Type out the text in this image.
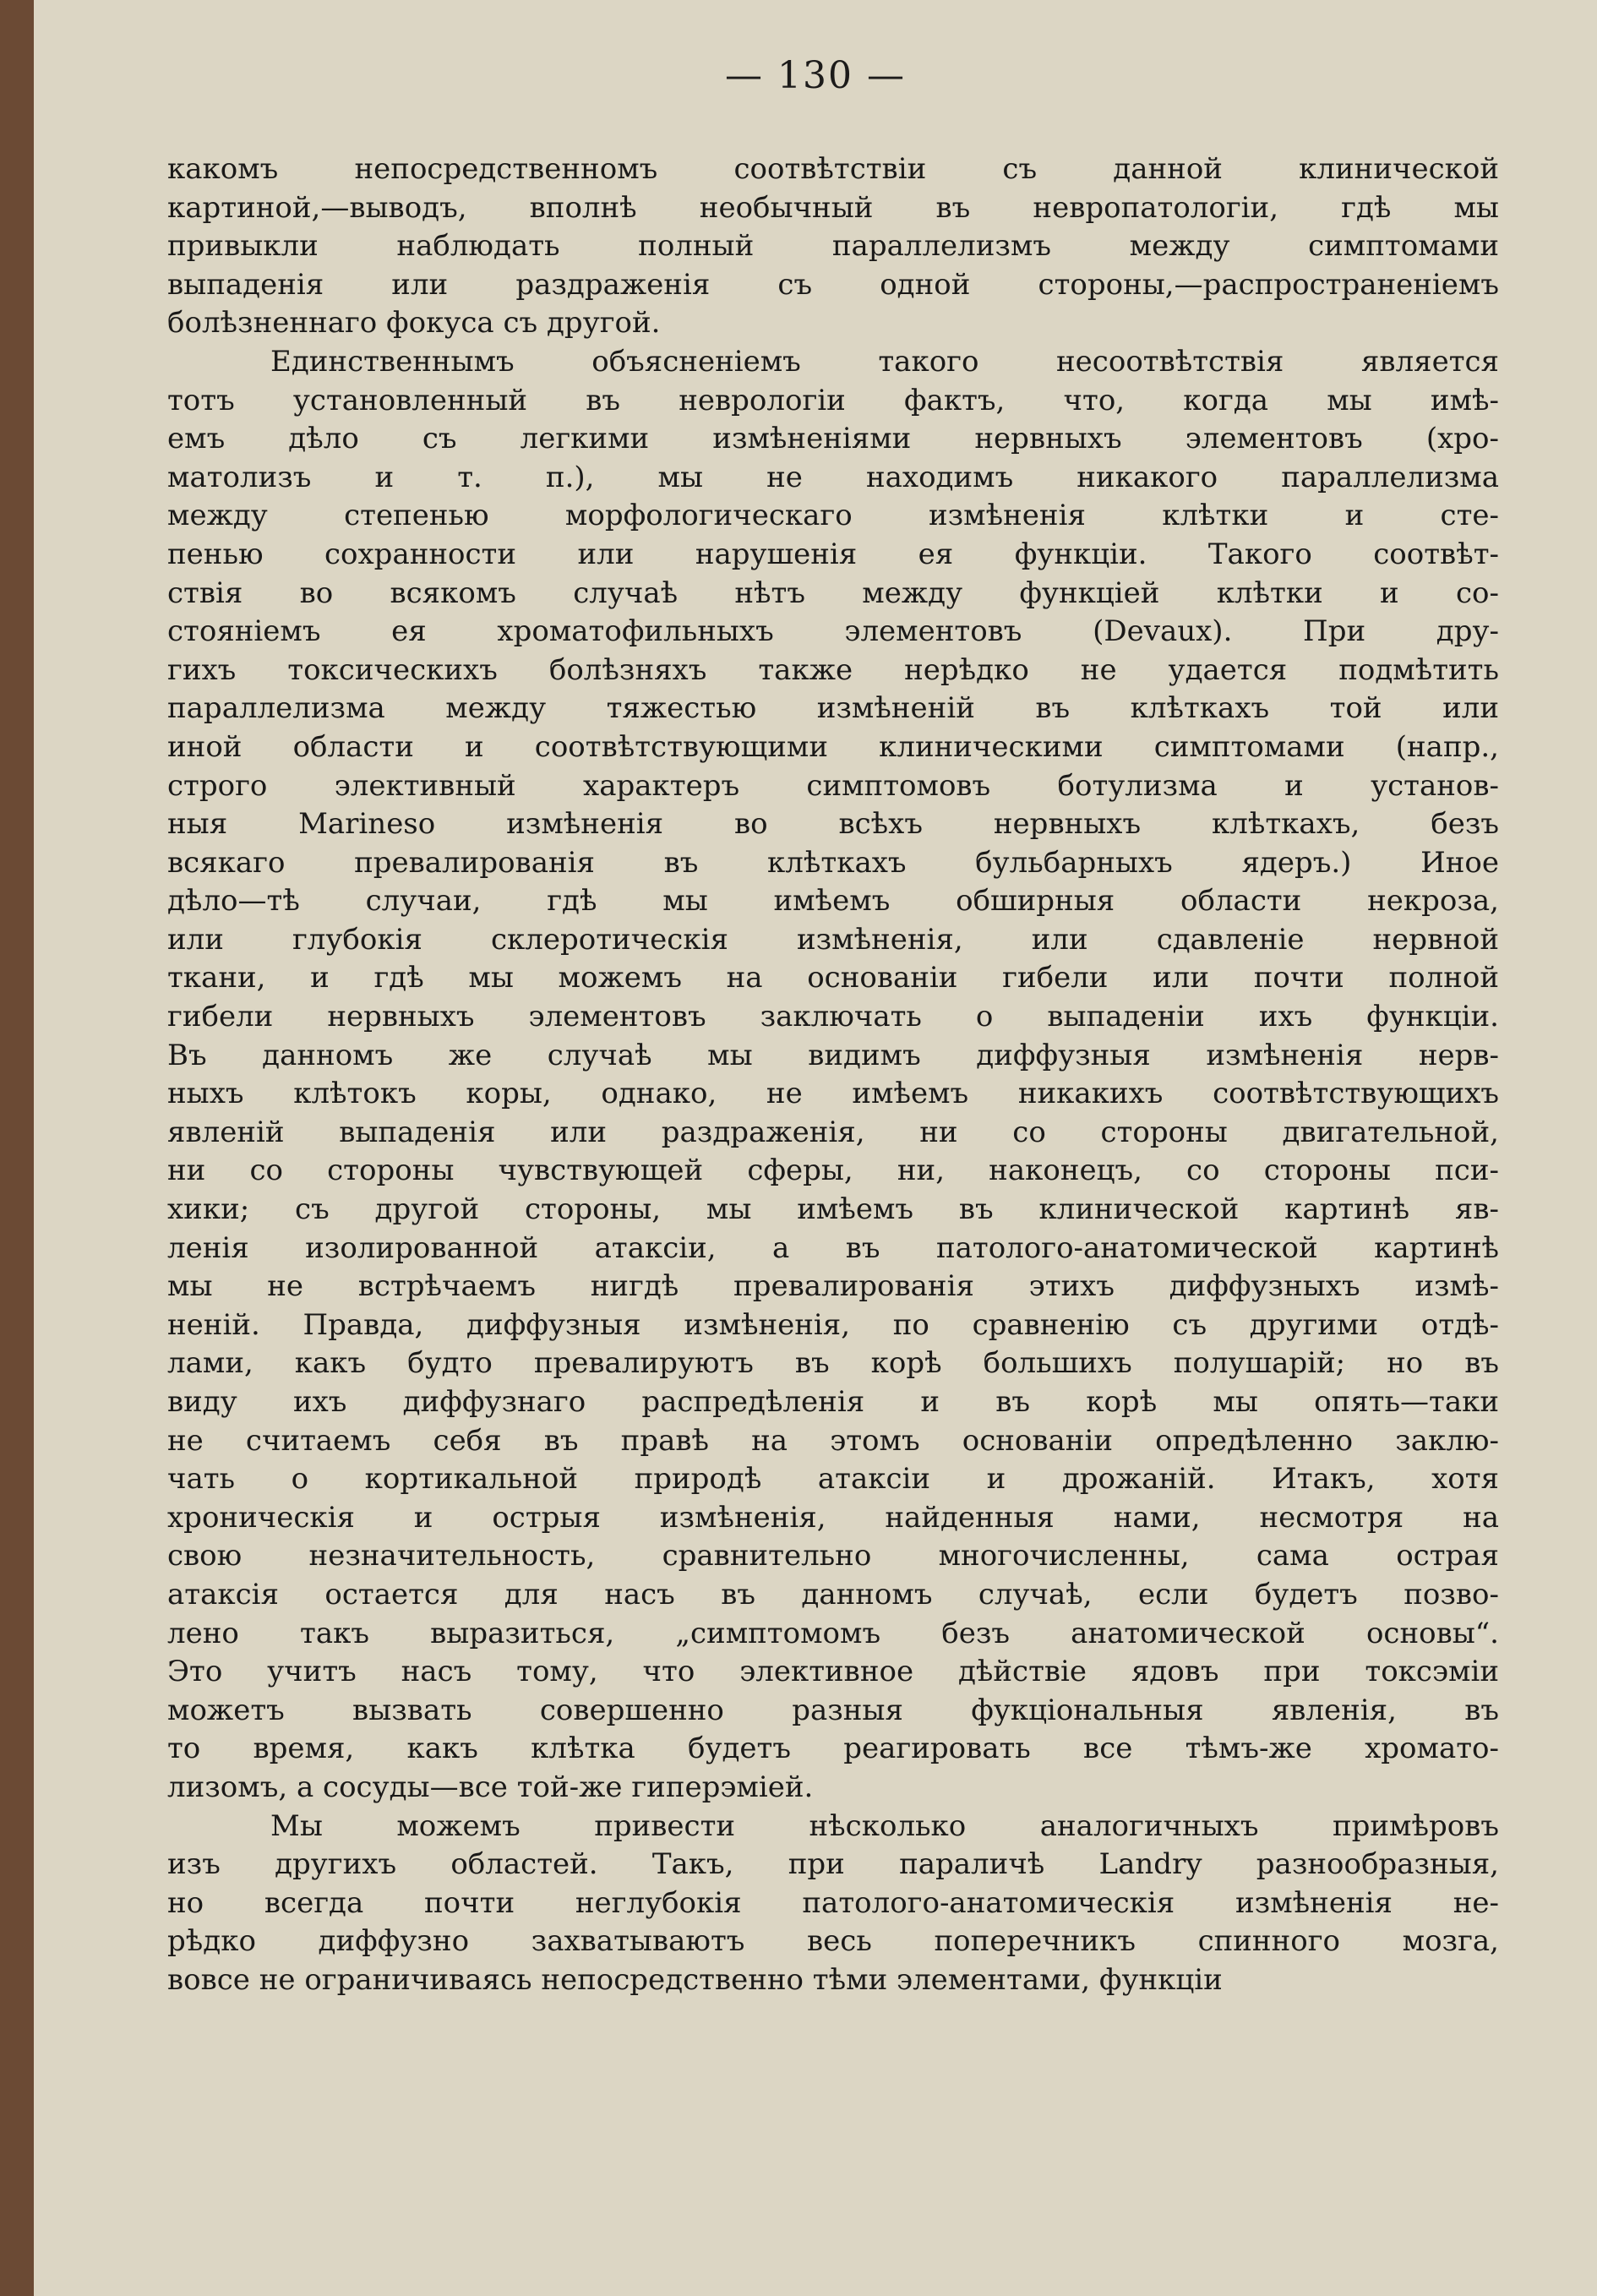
— 130 —
какомъ непосредственномъ соотвѣтствіи съ данной клинической
картиной,—выводъ, вполнѣ необычный въ невропатологіи, гдѣ мы
привыкли наблюдать полный параллелизмъ между симптомами
выпаденія или раздраженія съ одной стороны,—распространеніемъ
болѣзненнаго фокуса съ другой.
Единственнымъ объясненіемъ такого несоотвѣтствія является
тотъ установленный въ неврологіи фактъ, что, когда мы имѣ-
емъ дѣло съ легкими измѣненіями нервныхъ элементовъ (хро-
матолизъ и т. п.), мы не находимъ никакого параллелизма
между степенью морфологическаго измѣненія клѣтки и сте-
пенью сохранности или нарушенія ея функціи. Такого соотвѣт-
ствія во всякомъ случаѣ нѣтъ между функціей клѣтки и со-
стояніемъ ея хроматофильныхъ элементовъ (Devaux). При дру-
гихъ токсическихъ болѣзняхъ также нерѣдко не удается подмѣтить
параллелизма между тяжестью измѣненій въ клѣткахъ той или
иной области и соотвѣтствующими клиническими симптомами (напр.,
строго элективный характеръ симптомовъ ботулизма и установ-
ныя Marineso измѣненія во всѣхъ нервныхъ клѣткахъ, безъ
всякаго превалированія въ клѣткахъ бульбарныхъ ядеръ.) Иное
дѣло—тѣ случаи, гдѣ мы имѣемъ обширныя области некроза,
или глубокія склеротическія измѣненія, или сдавленіе нервной
ткани, и гдѣ мы можемъ на основаніи гибели или почти полной
гибели нервныхъ элементовъ заключать о выпаденіи ихъ функціи.
Въ данномъ же случаѣ мы видимъ диффузныя измѣненія нерв-
ныхъ клѣтокъ коры, однако, не имѣемъ никакихъ соотвѣтствующихъ
явленій выпаденія или раздраженія, ни со стороны двигательной,
ни со стороны чувствующей сферы, ни, наконецъ, со стороны пси-
хики; съ другой стороны, мы имѣемъ въ клинической картинѣ яв-
ленія изолированной атаксіи, а въ патолого-анатомической картинѣ
мы не встрѣчаемъ нигдѣ превалированія этихъ диффузныхъ измѣ-
неній. Правда, диффузныя измѣненія, по сравненію съ другими отдѣ-
лами, какъ будто превалируютъ въ корѣ большихъ полушарій; но въ
виду ихъ диффузнаго распредѣленія и въ корѣ мы опять—таки
не считаемъ себя въ правѣ на этомъ основаніи опредѣленно заклю-
чать о кортикальной природѣ атаксіи и дрожаній. Итакъ, хотя
хроническія и острыя измѣненія, найденныя нами, несмотря на
свою незначительность, сравнительно многочисленны, сама острая
атаксія остается для насъ въ данномъ случаѣ, если будетъ позво-
лено такъ выразиться, „симптомомъ безъ анатомической основы“.
Это учитъ насъ тому, что элективное дѣйствіе ядовъ при токсэміи
можетъ вызвать совершенно разныя фукціональныя явленія, въ
то время, какъ клѣтка будетъ реагировать все тѣмъ-же хромато-
лизомъ, а сосуды—все той-же гиперэміей.
Мы можемъ привести нѣсколько аналогичныхъ примѣровъ
изъ другихъ областей. Такъ, при параличѣ Landry разнообразныя,
но всегда почти неглубокія патолого-анатомическія измѣненія не-
рѣдко диффузно захватываютъ весь поперечникъ спинного мозга,
вовсе не ограничиваясь непосредственно тѣми элементами, функціи
